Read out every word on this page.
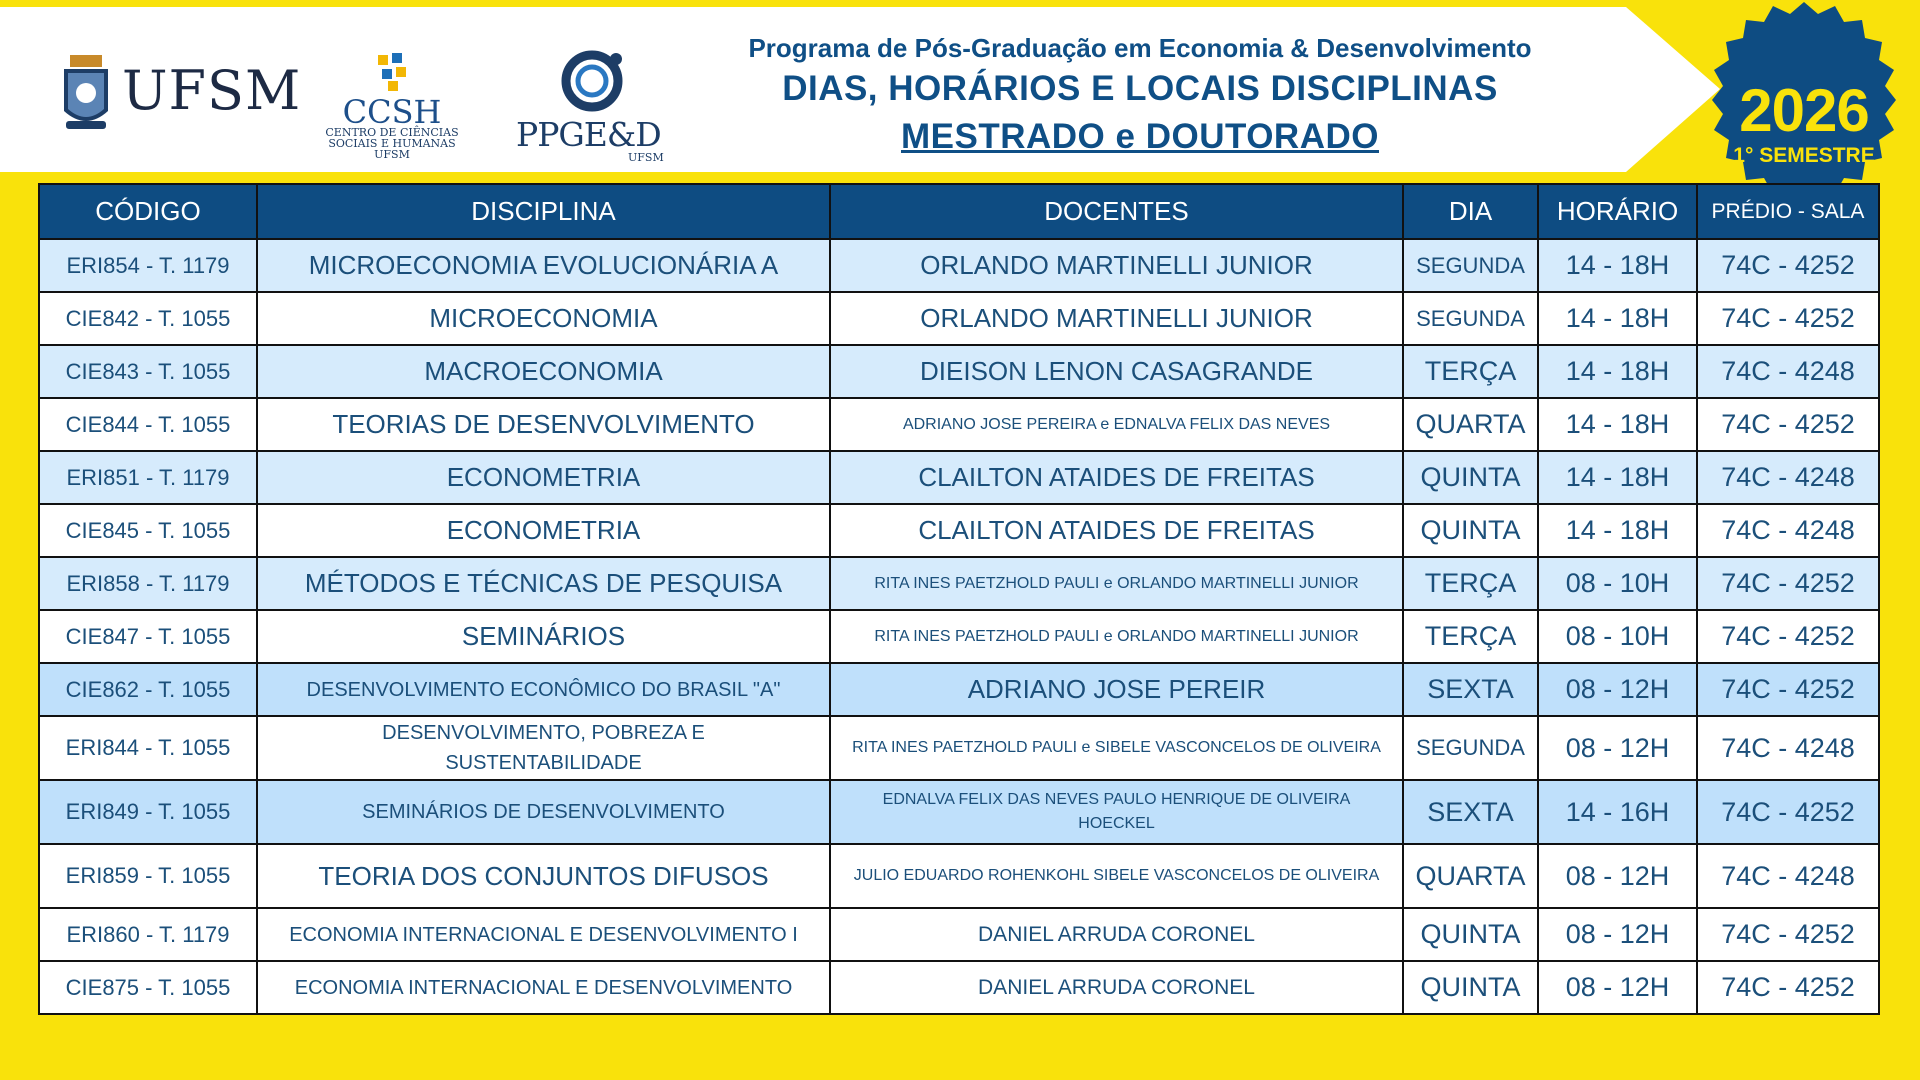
UFSM	CCSH
CENTRO DE CIÊNCIAS
SOCIAIS E HUMANAS
UFSM
PPGE&D
UFSM
Programa de Pós-Graduação em Economia & Desenvolvimento
DIAS, HORÁRIOS E LOCAIS DISCIPLINAS
MESTRADO e DOUTORADO	2026
1° SEMESTRE
CÓDIGO	DISCIPLINA	DOCENTES	DIA	HORÁRIO	PRÉDIO - SALA
ERI854 - T. 1179	MICROECONOMIA EVOLUCIONÁRIA A	ORLANDO MARTINELLI JUNIOR	SEGUNDA	14 - 18H	74C - 4252
CIE842 - T. 1055	MICROECONOMIA	ORLANDO MARTINELLI JUNIOR	SEGUNDA	14 - 18H	74C - 4252
CIE843 - T. 1055	MACROECONOMIA	DIEISON LENON CASAGRANDE	TERÇA	14 - 18H	74C - 4248
CIE844 - T. 1055	TEORIAS DE DESENVOLVIMENTO	ADRIANO JOSE PEREIRA e EDNALVA FELIX DAS NEVES	QUARTA	14 - 18H	74C - 4252
ERI851 - T. 1179	ECONOMETRIA	CLAILTON ATAIDES DE FREITAS	QUINTA	14 - 18H	74C - 4248
CIE845 - T. 1055	ECONOMETRIA	CLAILTON ATAIDES DE FREITAS	QUINTA	14 - 18H	74C - 4248
ERI858 - T. 1179	MÉTODOS E TÉCNICAS DE PESQUISA	RITA INES PAETZHOLD PAULI e ORLANDO MARTINELLI JUNIOR	TERÇA	08 - 10H	74C - 4252
CIE847 - T. 1055	SEMINÁRIOS	RITA INES PAETZHOLD PAULI e ORLANDO MARTINELLI JUNIOR	TERÇA	08 - 10H	74C - 4252
CIE862 - T. 1055	DESENVOLVIMENTO ECONÔMICO DO BRASIL "A"	ADRIANO JOSE PEREIR	SEXTA	08 - 12H	74C - 4252
ERI844 - T. 1055	DESENVOLVIMENTO, POBREZA E SUSTENTABILIDADE	RITA INES PAETZHOLD PAULI e SIBELE VASCONCELOS DE OLIVEIRA	SEGUNDA	08 - 12H	74C - 4248
ERI849 - T. 1055	SEMINÁRIOS DE DESENVOLVIMENTO	EDNALVA FELIX DAS NEVES PAULO HENRIQUE DE OLIVEIRA HOECKEL	SEXTA	14 - 16H	74C - 4252
ERI859 - T. 1055	TEORIA DOS CONJUNTOS DIFUSOS	JULIO EDUARDO ROHENKOHL SIBELE VASCONCELOS DE OLIVEIRA	QUARTA	08 - 12H	74C - 4248
ERI860 - T. 1179	ECONOMIA INTERNACIONAL E DESENVOLVIMENTO I	DANIEL ARRUDA CORONEL	QUINTA	08 - 12H	74C - 4252
CIE875 - T. 1055	ECONOMIA INTERNACIONAL E DESENVOLVIMENTO	DANIEL ARRUDA CORONEL	QUINTA	08 - 12H	74C - 4252
